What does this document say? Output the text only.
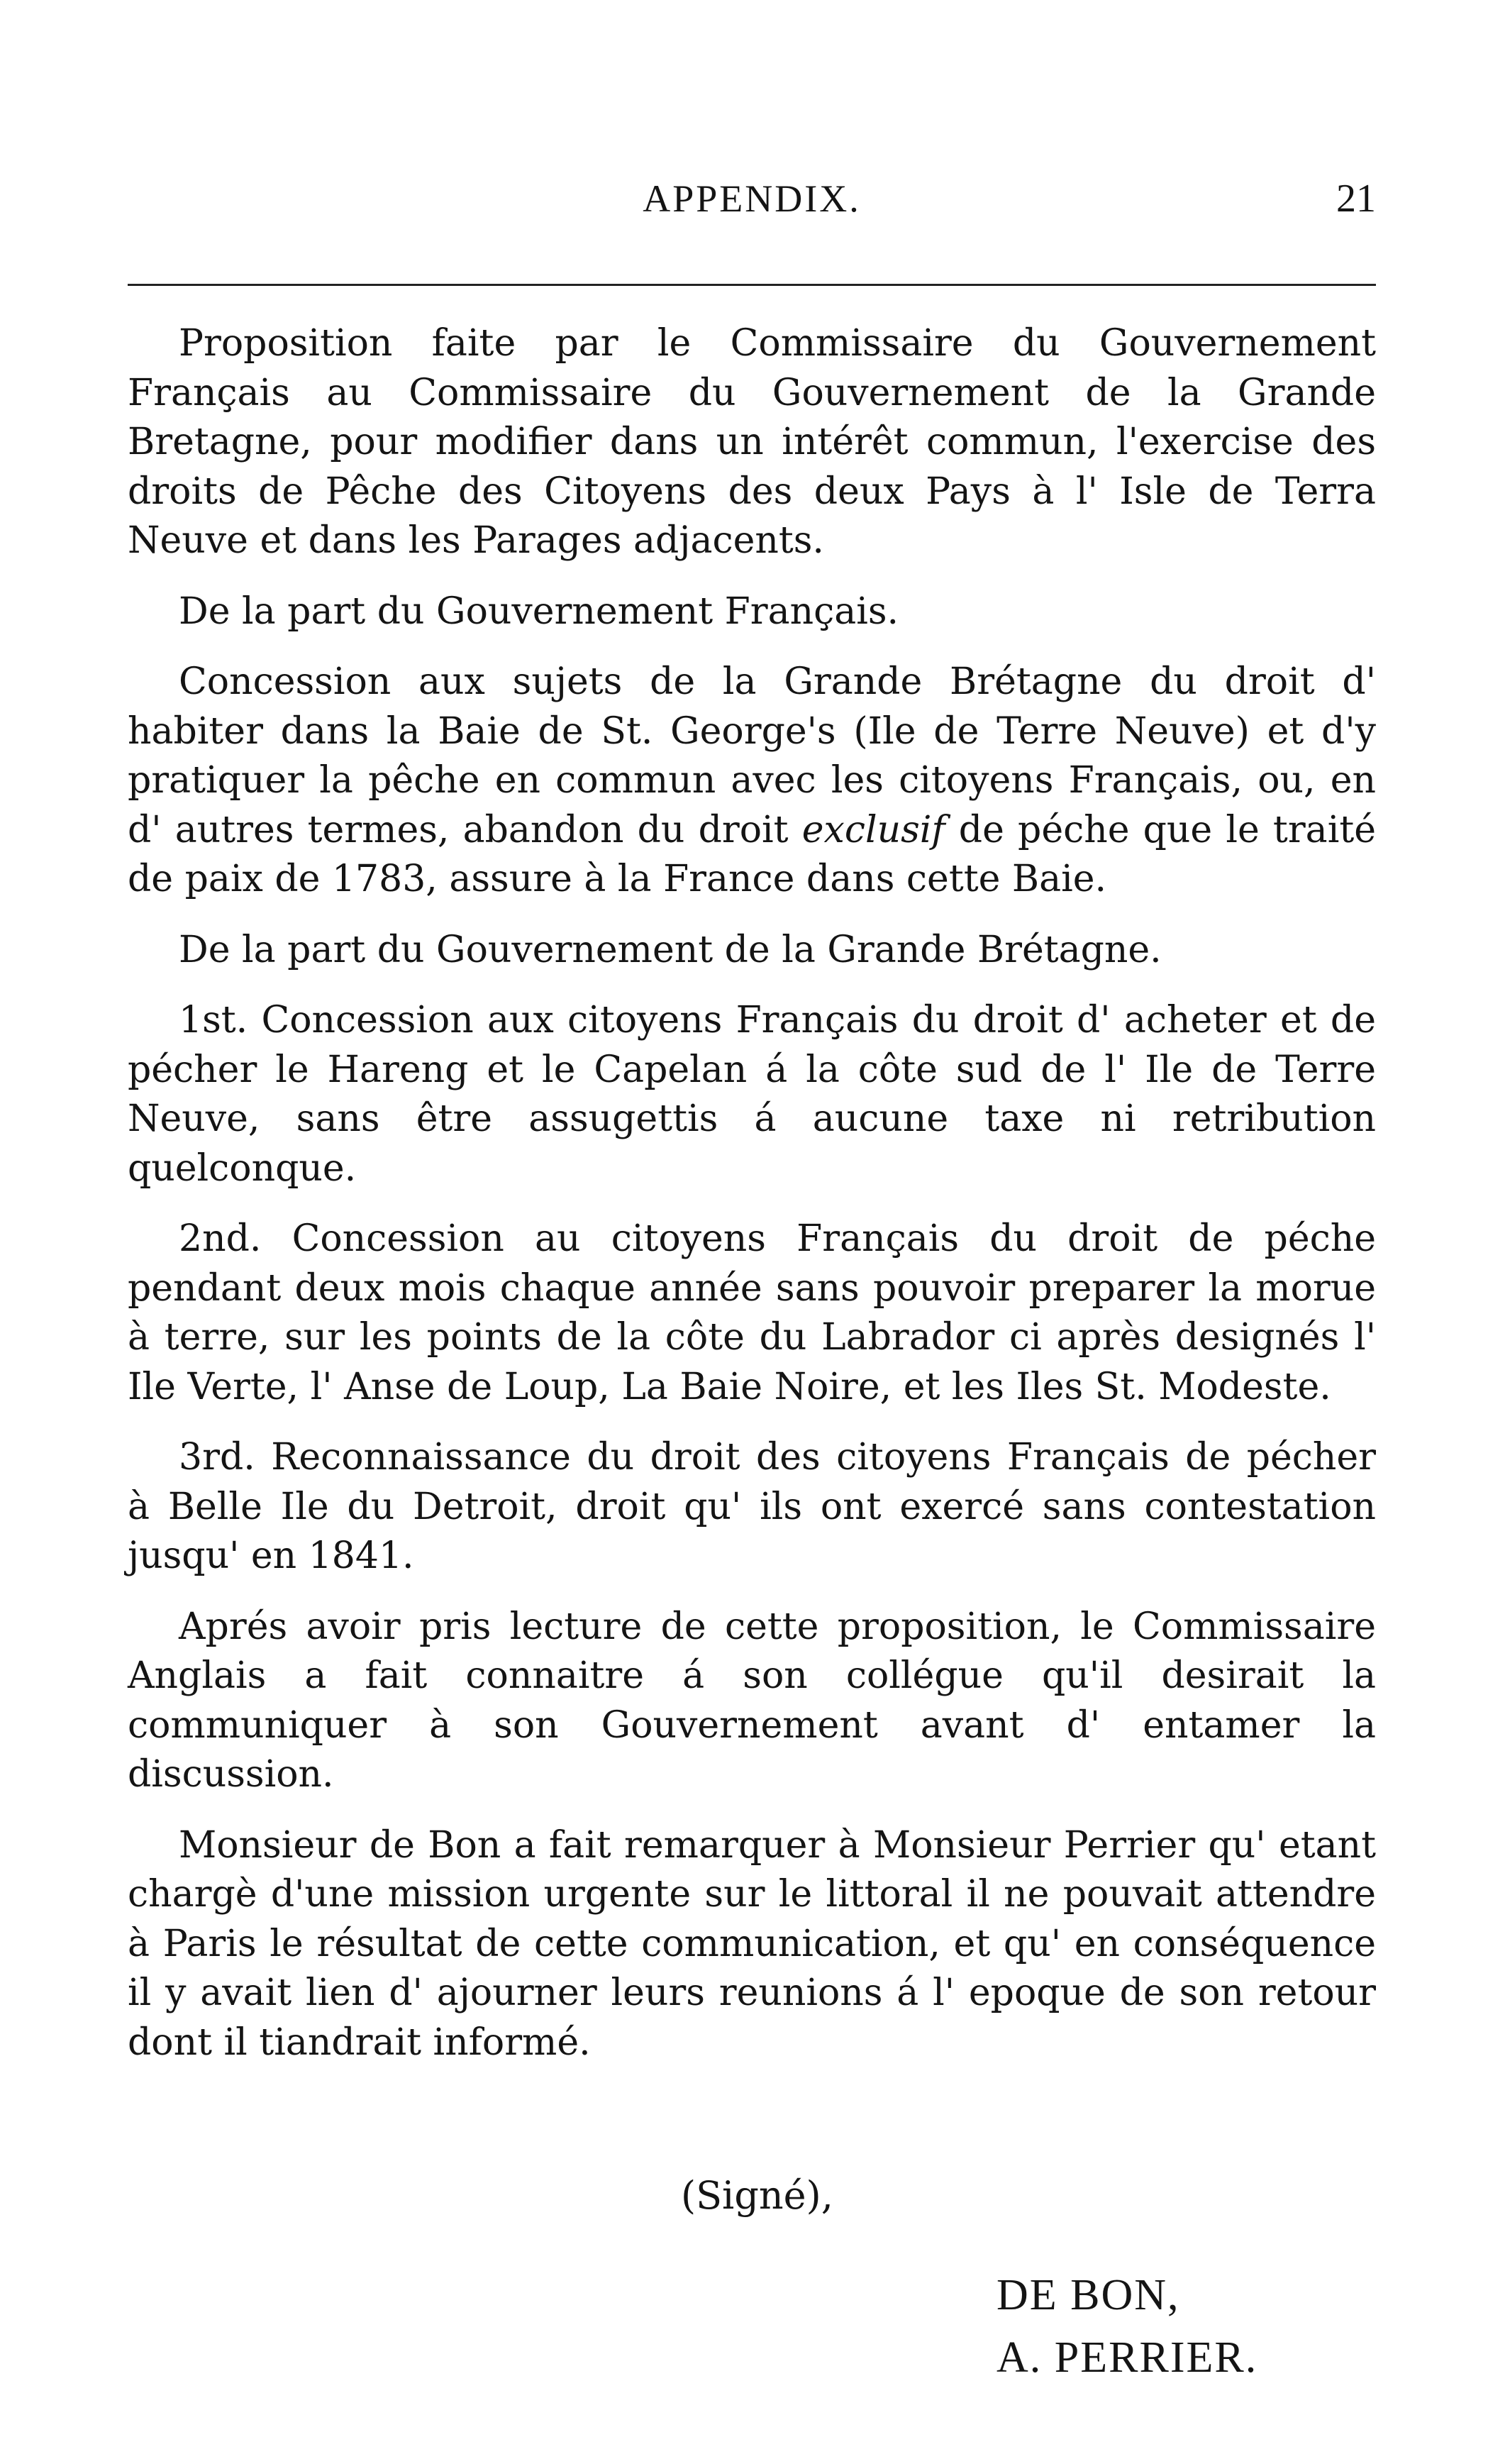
APPENDIX.	21

Proposition faite par le Commissaire du Gouvernement Français au Commissaire du Gouvernement de la Grande Bretagne, pour modifier dans un intérêt commun, l'exercise des droits de Pêche des Citoyens des deux Pays à l' Isle de Terra Neuve et dans les Parages adjacents.

De la part du Gouvernement Français.

Concession aux sujets de la Grande Brétagne du droit d' habiter dans la Baie de St. George's (Ile de Terre Neuve) et d'y pratiquer la pêche en commun avec les citoyens Français, ou, en d' autres termes, abandon du droit exclusif de péche que le traité de paix de 1783, assure à la France dans cette Baie.

De la part du Gouvernement de la Grande Brétagne.

1st. Concession aux citoyens Français du droit d' acheter et de pécher le Hareng et le Capelan á la côte sud de l' Ile de Terre Neuve, sans être assugettis á aucune taxe ni retribution quelconque.

2nd. Concession au citoyens Français du droit de péche pendant deux mois chaque année sans pouvoir preparer la morue à terre, sur les points de la côte du Labrador ci après designés l' Ile Verte, l' Anse de Loup, La Baie Noire, et les Iles St. Modeste.

3rd. Reconnaissance du droit des citoyens Français de pécher à Belle Ile du Detroit, droit qu' ils ont exercé sans contestation jusqu' en 1841.

Aprés avoir pris lecture de cette proposition, le Commissaire Anglais a fait connaitre á son collégue qu'il desirait la communiquer à son Gouvernement avant d' entamer la discussion.

Monsieur de Bon a fait remarquer à Monsieur Perrier qu' etant chargè d'une mission urgente sur le littoral il ne pouvait attendre à Paris le résultat de cette communication, et qu' en conséquence il y avait lien d' ajourner leurs reunions á l' epoque de son retour dont il tiandrait informé.

(Signé),
DE BON,
A. PERRIER.
